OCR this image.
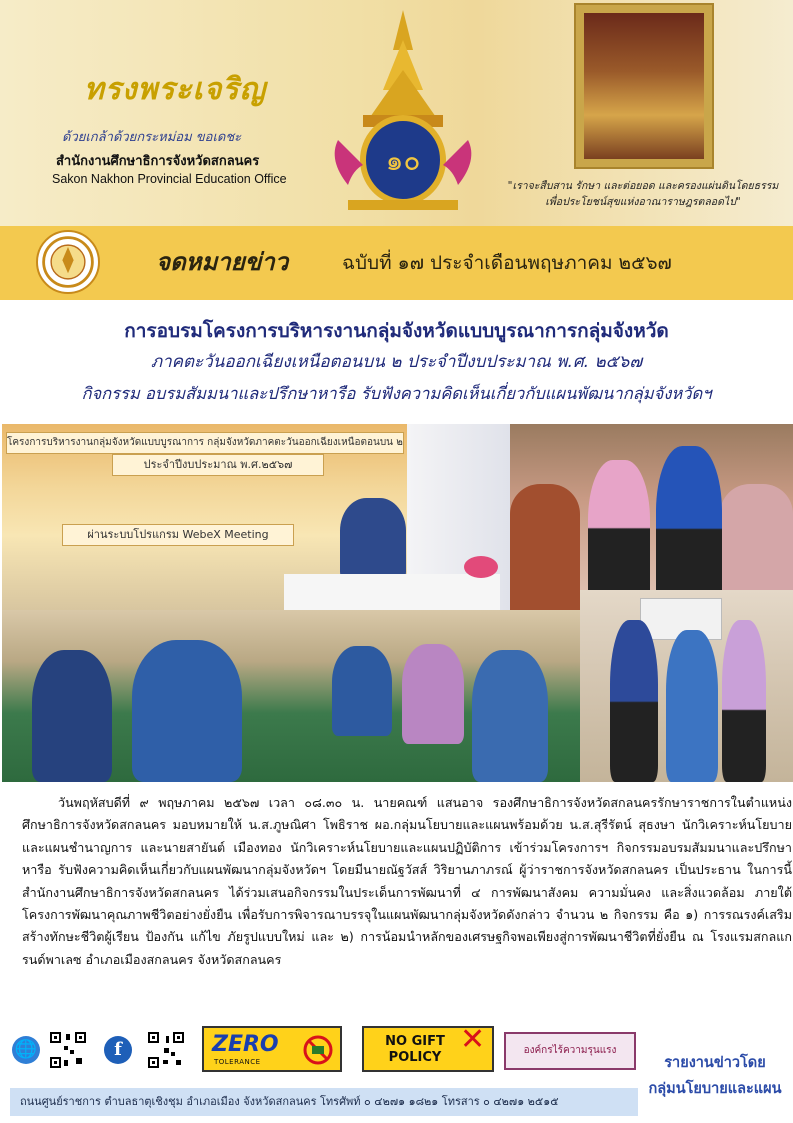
ทรงพระเจริญ
ด้วยเกล้าด้วยกระหม่อม ขอเดชะ
สำนักงานศึกษาธิการจังหวัดสกลนคร
Sakon Nakhon Provincial Education Office
๑๐
"เราจะสืบสาน รักษา และต่อยอด และครองแผ่นดินโดยธรรม
เพื่อประโยชน์สุขแห่งอาณาราษฎรตลอดไป"
จดหมายข่าว	ฉบับที่ ๑๗ ประจำเดือนพฤษภาคม ๒๕๖๗
การอบรมโครงการบริหารงานกลุ่มจังหวัดแบบบูรณาการกลุ่มจังหวัด
ภาคตะวันออกเฉียงเหนือตอนบน ๒ ประจำปีงบประมาณ พ.ศ. ๒๕๖๗
กิจกรรม อบรมสัมมนาและปรึกษาหารือ รับฟังความคิดเห็นเกี่ยวกับแผนพัฒนากลุ่มจังหวัดฯ
โครงการบริหารงานกลุ่มจังหวัดแบบบูรณาการ กลุ่มจังหวัดภาคตะวันออกเฉียงเหนือตอนบน ๒
ประจำปีงบประมาณ พ.ศ.๒๕๖๗
ผ่านระบบโปรแกรม WebeX Meeting
วันพฤหัสบดีที่ ๙ พฤษภาคม ๒๕๖๗ เวลา ๐๘.๓๐ น. นายคณฑ์ แสนอาจ รองศึกษาธิการจังหวัดสกลนครรักษาราชการในตำแหน่งศึกษาธิการจังหวัดสกลนคร มอบหมายให้ น.ส.ภูษณิศา โพธิราช ผอ.กลุ่มนโยบายและแผนพร้อมด้วย น.ส.สุรีรัตน์ สุธงษา นักวิเคราะห์นโยบายและแผนชำนาญการ และนายสายันต์ เมืองทอง นักวิเคราะห์นโยบายและแผนปฏิบัติการ เข้าร่วมโครงการฯ กิจกรรมอบรมสัมมนาและปรึกษาหารือ รับฟังความคิดเห็นเกี่ยวกับแผนพัฒนากลุ่มจังหวัดฯ โดยมีนายณัฐวัสส์ วิริยานภาภรณ์ ผู้ว่าราชการจังหวัดสกลนคร เป็นประธาน ในการนี้สำนักงานศึกษาธิการจังหวัดสกลนคร ได้ร่วมเสนอกิจกรรมในประเด็นการพัฒนาที่ ๔ การพัฒนาสังคม ความมั่นคง และสิ่งแวดล้อม ภายใต้โครงการพัฒนาคุณภาพชีวิตอย่างยั่งยืน เพื่อรับการพิจารณาบรรจุในแผนพัฒนากลุ่มจังหวัดดังกล่าว จำนวน ๒ กิจกรรม คือ ๑) การรณรงค์เสริมสร้างทักษะชีวิตผู้เรียน ป้องกัน แก้ไข ภัยรูปแบบใหม่ และ ๒) การน้อมนำหลักของเศรษฐกิจพอเพียงสู่การพัฒนาชีวิตที่ยั่งยืน ณ โรงแรมสกลแกรนด์พาเลซ อำเภอเมืองสกลนคร จังหวัดสกลนคร
🌐	f	ZERO
TOLERANCE
NO GIFT POLICY
✕	องค์กรไร้ความรุนแรง
รายงานข่าวโดย
กลุ่มนโยบายและแผน
ถนนศูนย์ราชการ ตำบลธาตุเชิงชุม อำเภอเมือง จังหวัดสกลนคร โทรศัพท์ ๐ ๔๒๗๑ ๑๘๒๑ โทรสาร ๐ ๔๒๗๑ ๒๕๑๕
